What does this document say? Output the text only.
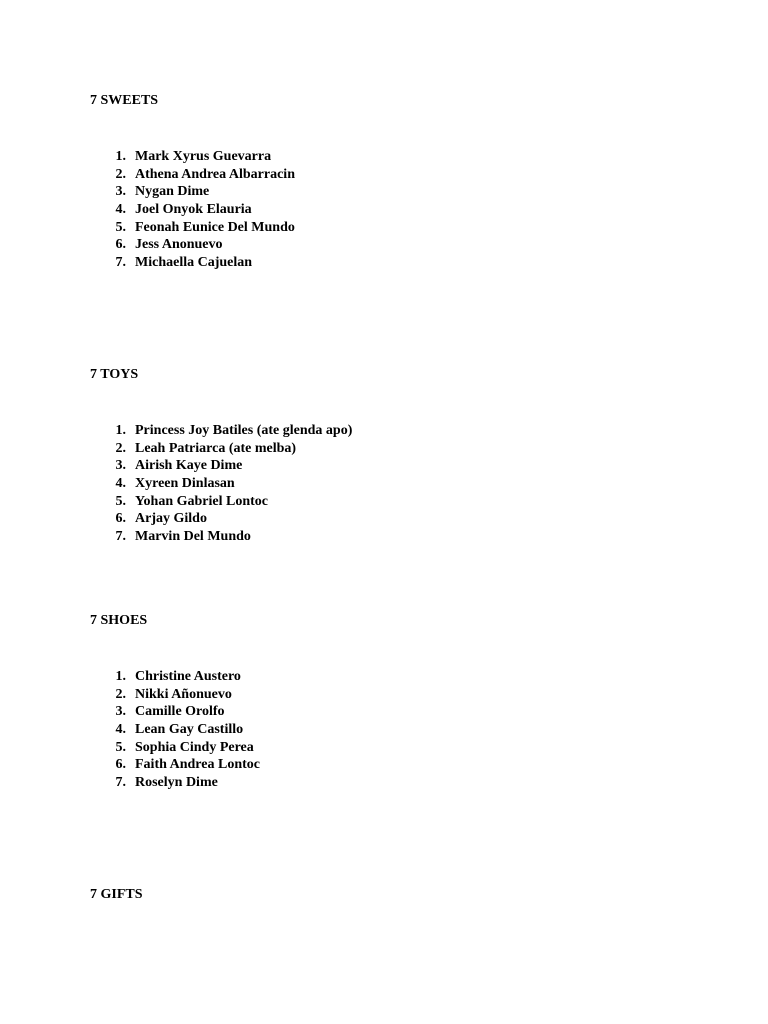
7 SWEETS
1. Mark Xyrus Guevarra
2. Athena Andrea Albarracin
3. Nygan Dime
4. Joel Onyok Elauria
5. Feonah Eunice Del Mundo
6. Jess Anonuevo
7. Michaella Cajuelan
7 TOYS
1. Princess Joy Batiles (ate glenda apo)
2. Leah Patriarca (ate melba)
3. Airish Kaye Dime
4. Xyreen Dinlasan
5. Yohan Gabriel Lontoc
6. Arjay Gildo
7. Marvin Del Mundo
7 SHOES
1. Christine Austero
2. Nikki Añonuevo
3. Camille Orolfo
4. Lean Gay Castillo
5. Sophia Cindy Perea
6. Faith Andrea Lontoc
7. Roselyn Dime
7 GIFTS
